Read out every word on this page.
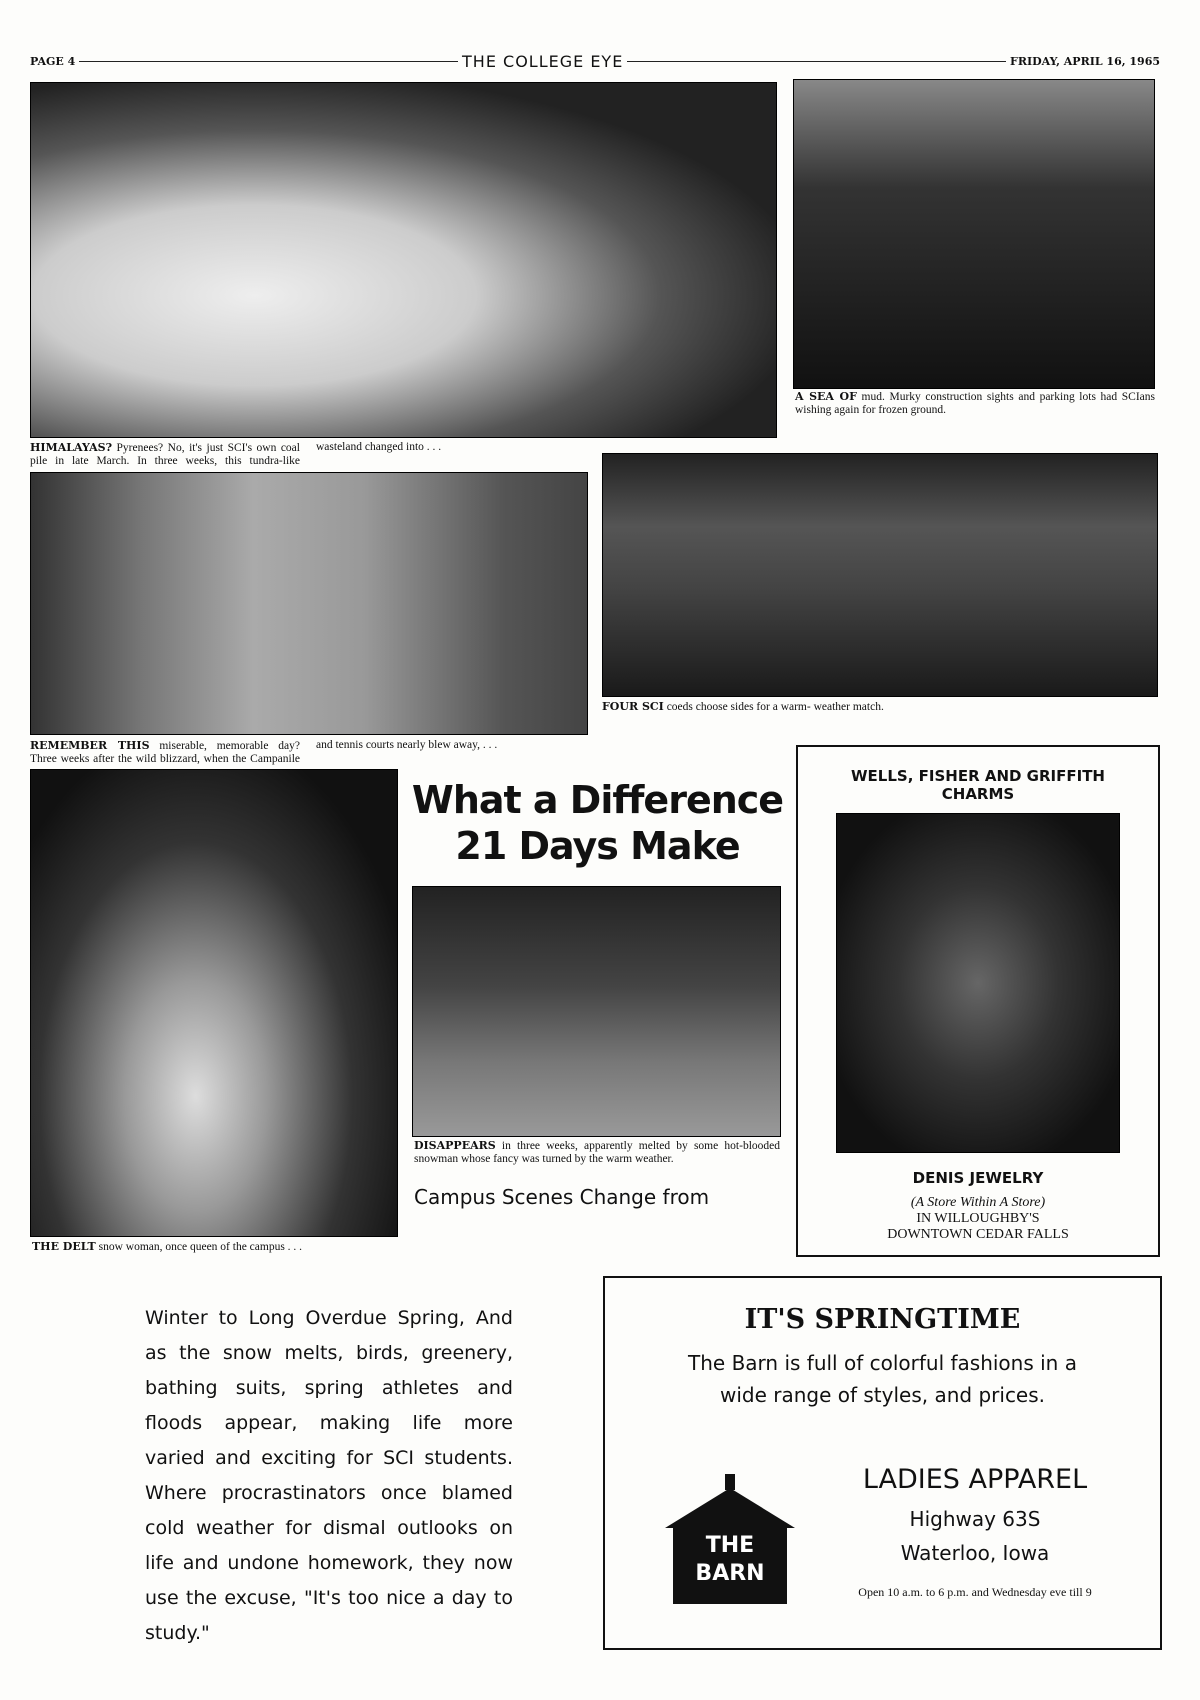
PAGE 4	THE COLLEGE EYE	FRIDAY, APRIL 16, 1965
A SEA OF mud. Murky construction sights and parking lots had SCIans wishing again for frozen ground.
HIMALAYAS? Pyrenees? No, it's just SCI's own coal pile in late March. In three weeks, this tundra-like wasteland changed into . . .
FOUR SCI coeds choose sides for a warm- weather match.
REMEMBER THIS miserable, memorable day? Three weeks after the wild blizzard, when the Campanile and tennis courts nearly blew away, . . .
THE DELT snow woman, once queen of the campus . . .
What a Difference
21 Days Make
DISAPPEARS in three weeks, apparently melted by some hot-blooded snowman whose fancy was turned by the warm weather.
Campus Scenes Change from
WELLS, FISHER AND GRIFFITH CHARMS
DENIS JEWELRY
(A Store Within A Store)
IN WILLOUGHBY'S
DOWNTOWN CEDAR FALLS
Winter to Long Overdue Spring, And as the snow melts, birds, greenery, bathing suits, spring athletes and floods appear, making life more varied and exciting for SCI students. Where procrastinators once blamed cold weather for dismal outlooks on life and undone homework, they now use the excuse, "It's too nice a day to study."
IT'S SPRINGTIME
The Barn is full of colorful fashions in a wide range of styles, and prices.
THE
BARN
LADIES APPAREL
Highway 63S
Waterloo, Iowa
Open 10 a.m. to 6 p.m. and Wednesday eve till 9
